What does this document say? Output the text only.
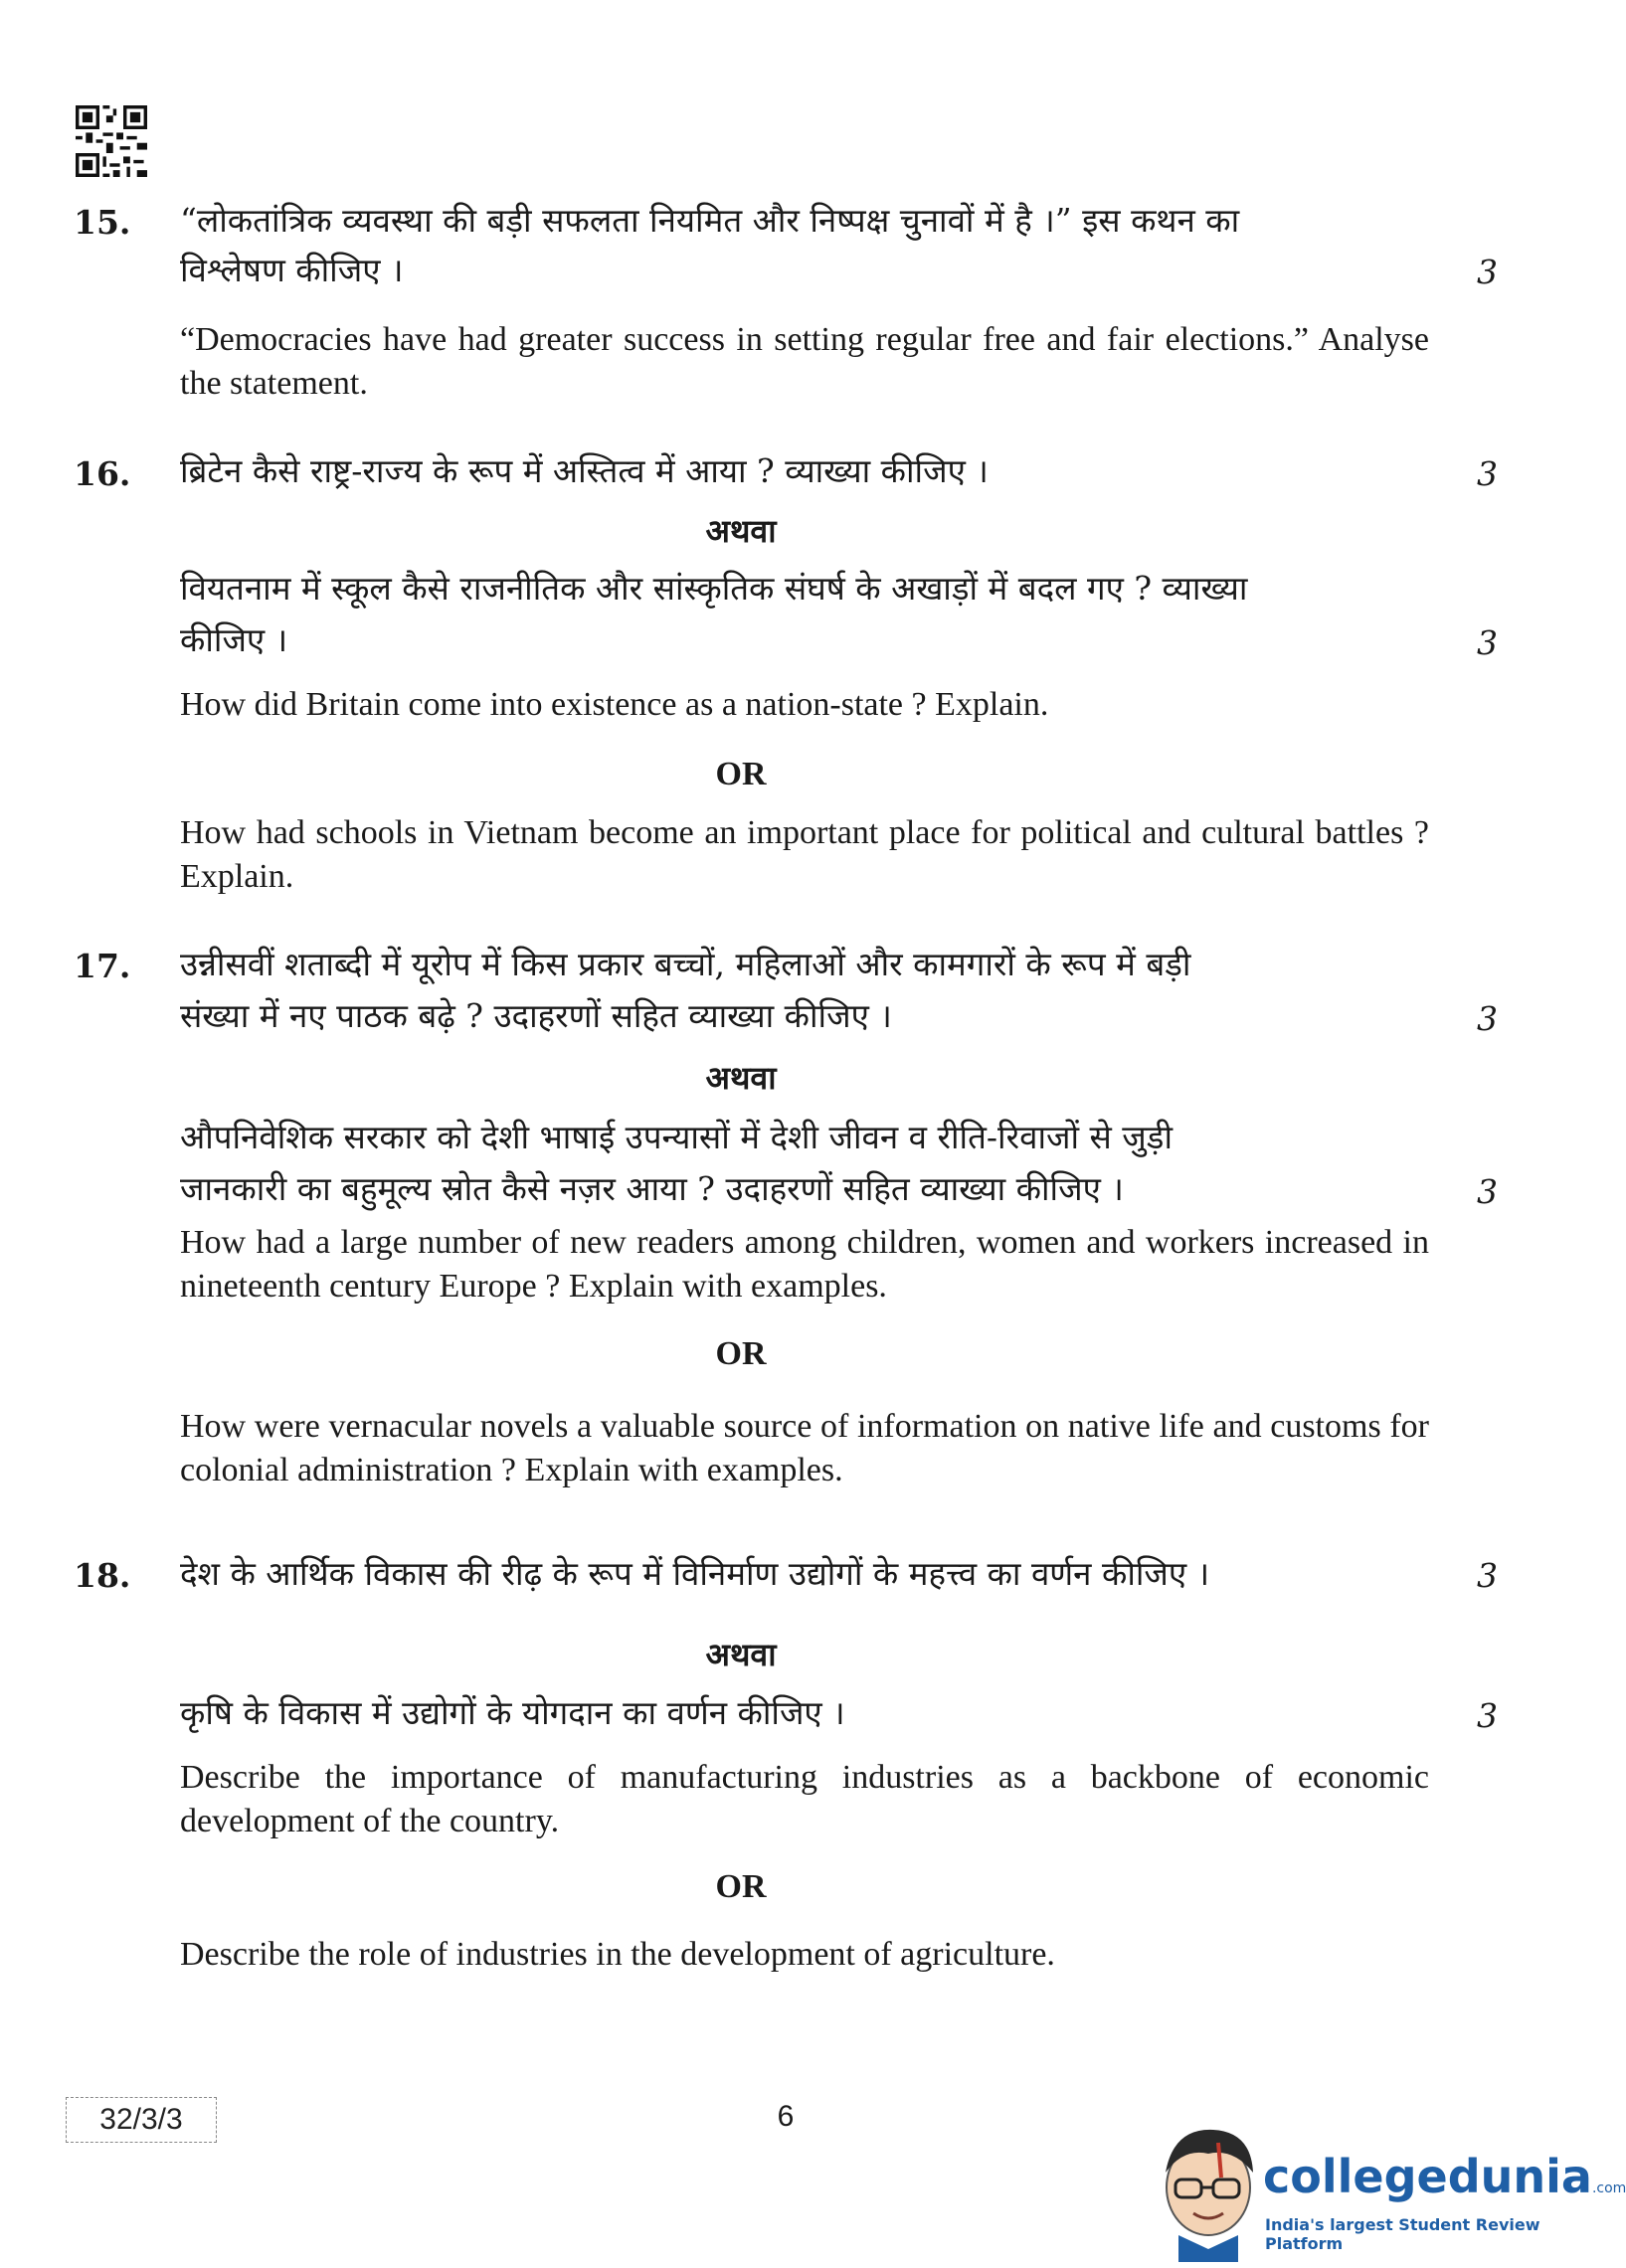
15. “लोकतांत्रिक व्यवस्था की बड़ी सफलता नियमित और निष्पक्ष चुनावों में है ।” इस कथन का
विश्लेषण कीजिए ।	3
“Democracies have had greater success in setting regular free and fair elections.” Analyse the statement.
16. ब्रिटेन कैसे राष्ट्र-राज्य के रूप में अस्तित्व में आया ? व्याख्या कीजिए ।	3
अथवा
वियतनाम में स्कूल कैसे राजनीतिक और सांस्कृतिक संघर्ष के अखाड़ों में बदल गए ? व्याख्या
कीजिए ।	3
How did Britain come into existence as a nation-state ? Explain.
OR
How had schools in Vietnam become an important place for political and cultural battles ? Explain.
17. उन्नीसवीं शताब्दी में यूरोप में किस प्रकार बच्चों, महिलाओं और कामगारों के रूप में बड़ी
संख्या में नए पाठक बढ़े ? उदाहरणों सहित व्याख्या कीजिए ।	3
अथवा
औपनिवेशिक सरकार को देशी भाषाई उपन्यासों में देशी जीवन व रीति-रिवाजों से जुड़ी
जानकारी का बहुमूल्य स्रोत कैसे नज़र आया ? उदाहरणों सहित व्याख्या कीजिए ।	3
How had a large number of new readers among children, women and workers increased in nineteenth century Europe ? Explain with examples.
OR
How were vernacular novels a valuable source of information on native life and customs for colonial administration ? Explain with examples.
18. देश के आर्थिक विकास की रीढ़ के रूप में विनिर्माण उद्योगों के महत्त्व का वर्णन कीजिए ।	3
अथवा
कृषि के विकास में उद्योगों के योगदान का वर्णन कीजिए ।	3
Describe the importance of manufacturing industries as a backbone of economic development of the country.
OR
Describe the role of industries in the development of agriculture.
32/3/3	6
collegedunia.com
India's largest Student Review Platform
